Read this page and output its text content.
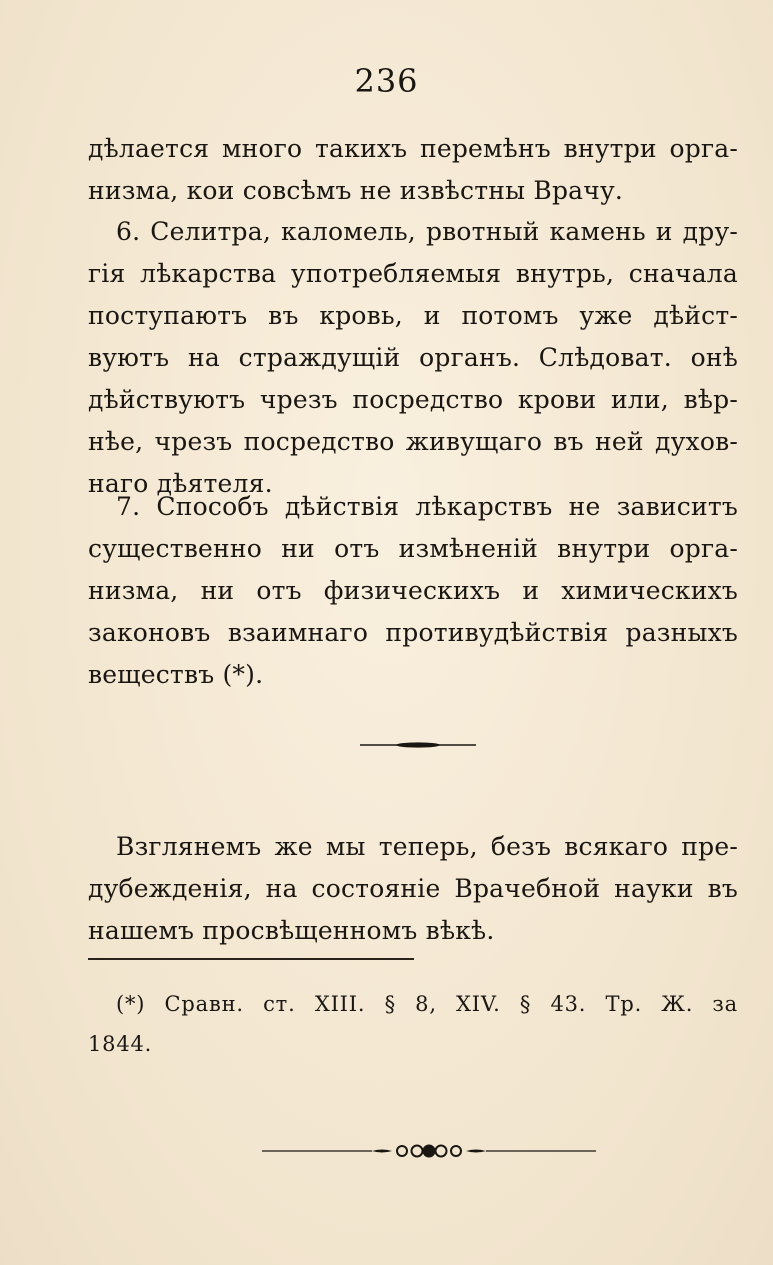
236
дѣлается много такихъ перемѣнъ внутри орга-
низма, кои совсѣмъ не извѣстны Врачу.
6. Селитра, каломель, рвотный камень и дру-
гія лѣкарства употребляемыя внутрь, сначала
поступаютъ въ кровь, и потомъ уже дѣйст-
вуютъ на страждущій органъ. Слѣдоват. онѣ
дѣйствуютъ чрезъ посредство крови или, вѣр-
нѣе, чрезъ посредство живущаго въ ней духов-
наго дѣятеля.
7. Способъ дѣйствія лѣкарствъ не зависитъ
существенно ни отъ измѣненій внутри орга-
низма, ни отъ физическихъ и химическихъ
законовъ взаимнаго противудѣйствія разныхъ
веществъ (*).
Взглянемъ же мы теперь, безъ всякаго пре-
дубежденія, на состояніе Врачебной науки въ
нашемъ просвѣщенномъ вѣкѣ.
(*) Сравн. ст. XIII. § 8, XIV. § 43. Тр. Ж. за
1844.
